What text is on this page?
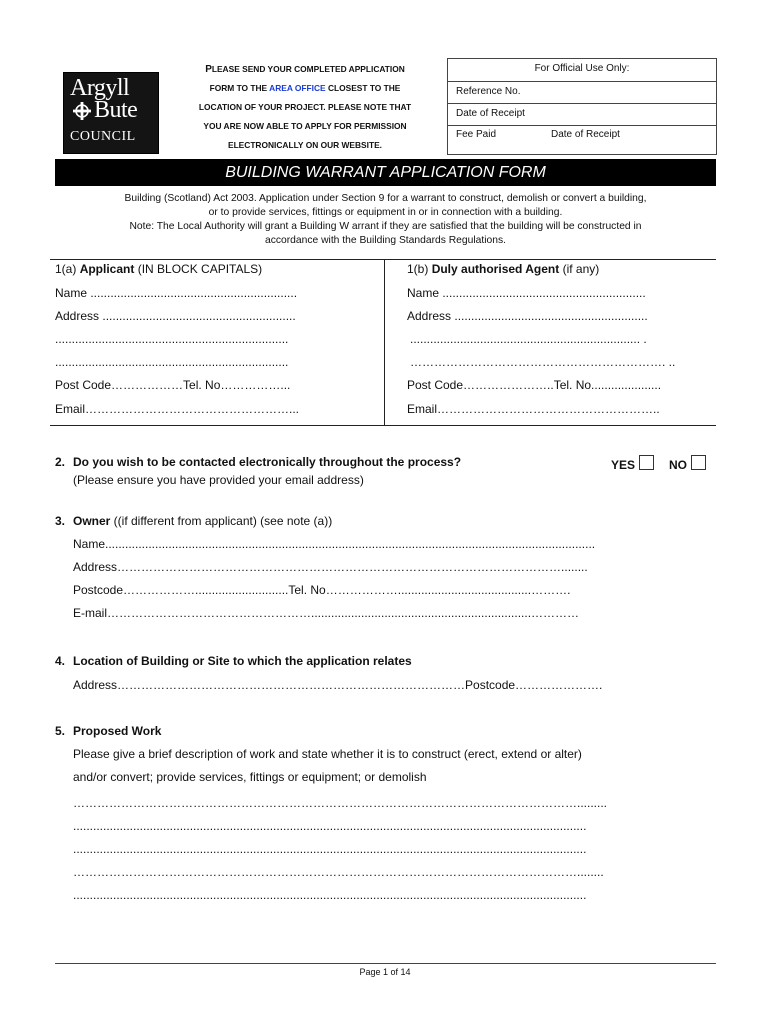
Argyll
Bute
COUNCIL
PLEASE SEND YOUR COMPLETED APPLICATION
FORM TO THE AREA OFFICE CLOSEST TO THE
LOCATION OF YOUR PROJECT. PLEASE NOTE THAT
YOU ARE NOW ABLE TO APPLY FOR PERMISSION
ELECTRONICALLY ON OUR WEBSITE.
For Official Use Only:
Reference No.
Date of Receipt
Fee Paid	Date of Receipt
BUILDING WARRANT APPLICATION FORM
Building (Scotland) Act 2003. Application under Section 9 for a warrant to construct, demolish or convert a building,
or to provide services, fittings or equipment in or in connection with a building.
Note: The Local Authority will grant a Building W arrant if they are satisfied that the building will be constructed in
accordance with the Building Standards Regulations.
1(a) Applicant (IN BLOCK CAPITALS)
Name ..............................................................
Address ..........................................................
......................................................................
......................................................................
Post Code………………Tel. No……………...
Email……………………………………………...
1(b) Duly authorised Agent (if any)
Name .............................................................
Address ..........................................................
..................................................................... .
………………………………………………………. ..
Post Code…………………..Tel. No.....................
Email………………………………………………..
2. Do you wish to be contacted electronically throughout the process?
(Please ensure you have provided your email address)
YES	NO
3. Owner ((if different from applicant) (see note (a))
Name...................................................................................................................................................
Address…………………………………………………………………………………………………........
Postcode………………............................Tel. No………………........................................……….
E-mail……………………………………………..................................................................…………
4. Location of Building or Site to which the application relates
Address……………………………………………………………………………Postcode………………….
5. Proposed Work
Please give a brief description of work and state whether it is to construct (erect, extend or alter)
and/or convert; provide services, fittings or equipment; or demolish
……………………………………………………………………………………………………………….........
..........................................................................................................................................................
..........................................................................................................................................................
………………………………………………………………………………………………………………........
..........................................................................................................................................................
Page 1 of 14
